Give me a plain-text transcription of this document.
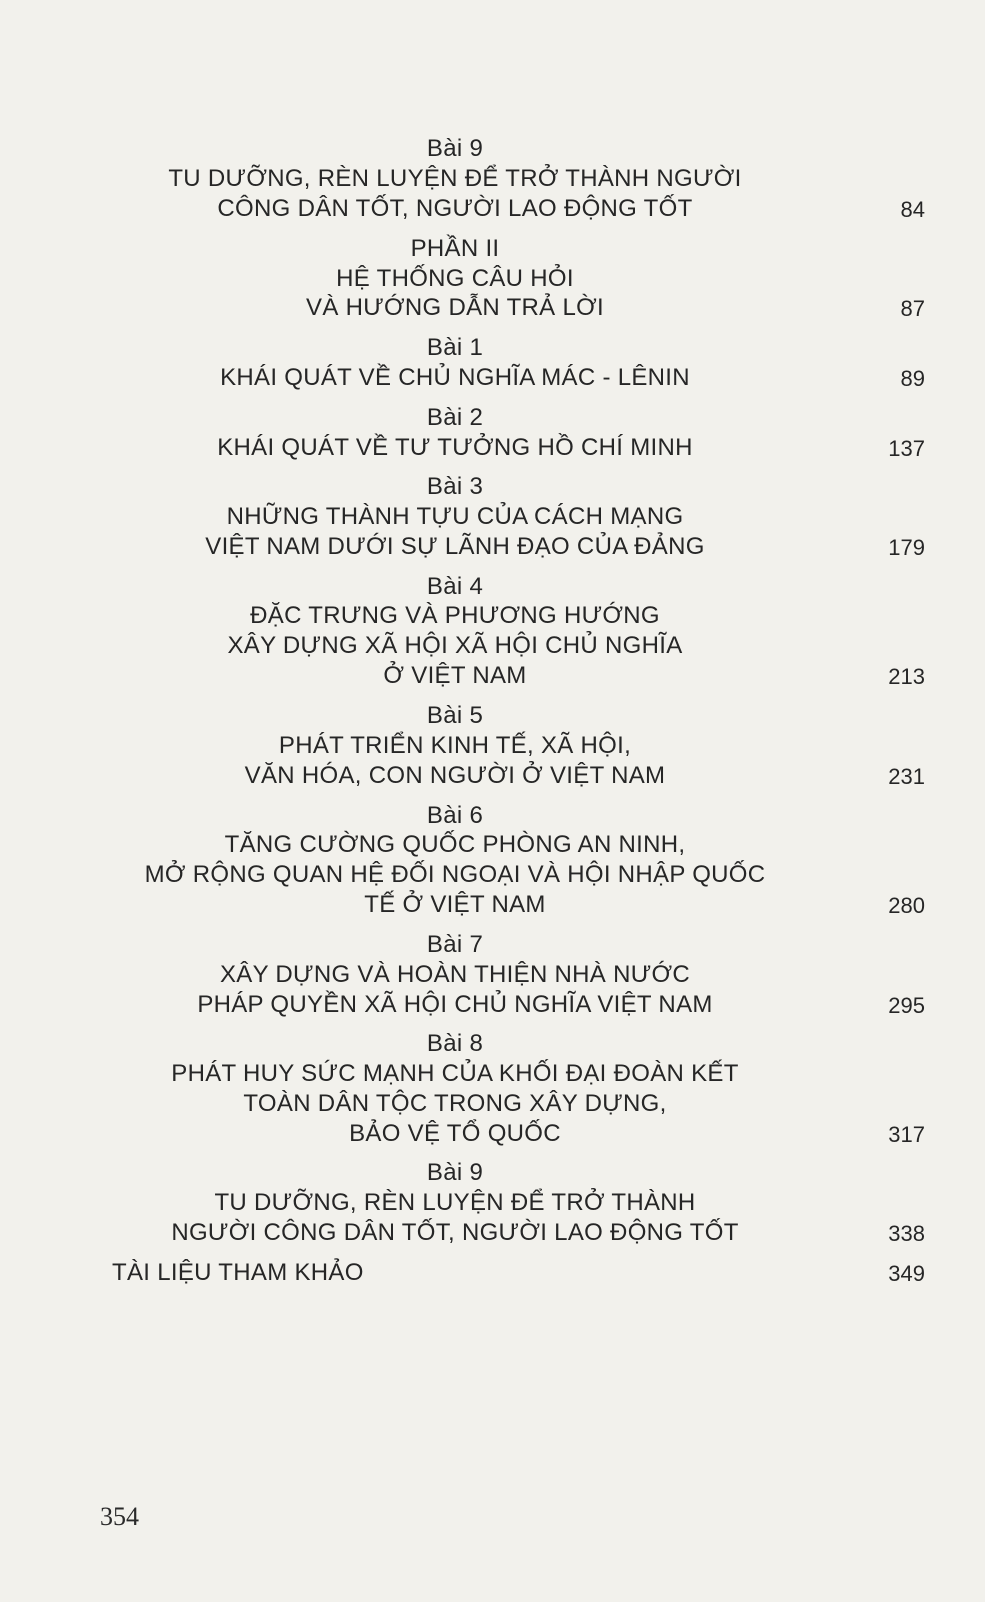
Bài 9
TU DƯỠNG, RÈN LUYỆN ĐỂ TRỞ THÀNH NGƯỜI
CÔNG DÂN TỐT, NGƯỜI LAO ĐỘNG TỐT	84
PHẦN II
HỆ THỐNG CÂU HỎI
VÀ HƯỚNG DẪN TRẢ LỜI	87
Bài 1
KHÁI QUÁT VỀ CHỦ NGHĨA MÁC - LÊNIN	89
Bài 2
KHÁI QUÁT VỀ TƯ TƯỞNG HỒ CHÍ MINH	137
Bài 3
NHỮNG THÀNH TỰU CỦA CÁCH MẠNG
VIỆT NAM DƯỚI SỰ LÃNH ĐẠO CỦA ĐẢNG	179
Bài 4
ĐẶC TRƯNG VÀ PHƯƠNG HƯỚNG
XÂY DỰNG XÃ HỘI XÃ HỘI CHỦ NGHĨA
Ở VIỆT NAM	213
Bài 5
PHÁT TRIỂN KINH TẾ, XÃ HỘI,
VĂN HÓA, CON NGƯỜI Ở VIỆT NAM	231
Bài 6
TĂNG CƯỜNG QUỐC PHÒNG AN NINH,
MỞ RỘNG QUAN HỆ ĐỐI NGOẠI VÀ HỘI NHẬP QUỐC
TẾ Ở VIỆT NAM	280
Bài 7
XÂY DỰNG VÀ HOÀN THIỆN NHÀ NƯỚC
PHÁP QUYỀN XÃ HỘI CHỦ NGHĨA VIỆT NAM	295
Bài 8
PHÁT HUY SỨC MẠNH CỦA KHỐI ĐẠI ĐOÀN KẾT
TOÀN DÂN TỘC TRONG XÂY DỰNG,
BẢO VỆ TỔ QUỐC	317
Bài 9
TU DƯỠNG, RÈN LUYỆN ĐỂ TRỞ THÀNH
NGƯỜI CÔNG DÂN TỐT, NGƯỜI LAO ĐỘNG TỐT	338
TÀI LIỆU THAM KHẢO	349
354
